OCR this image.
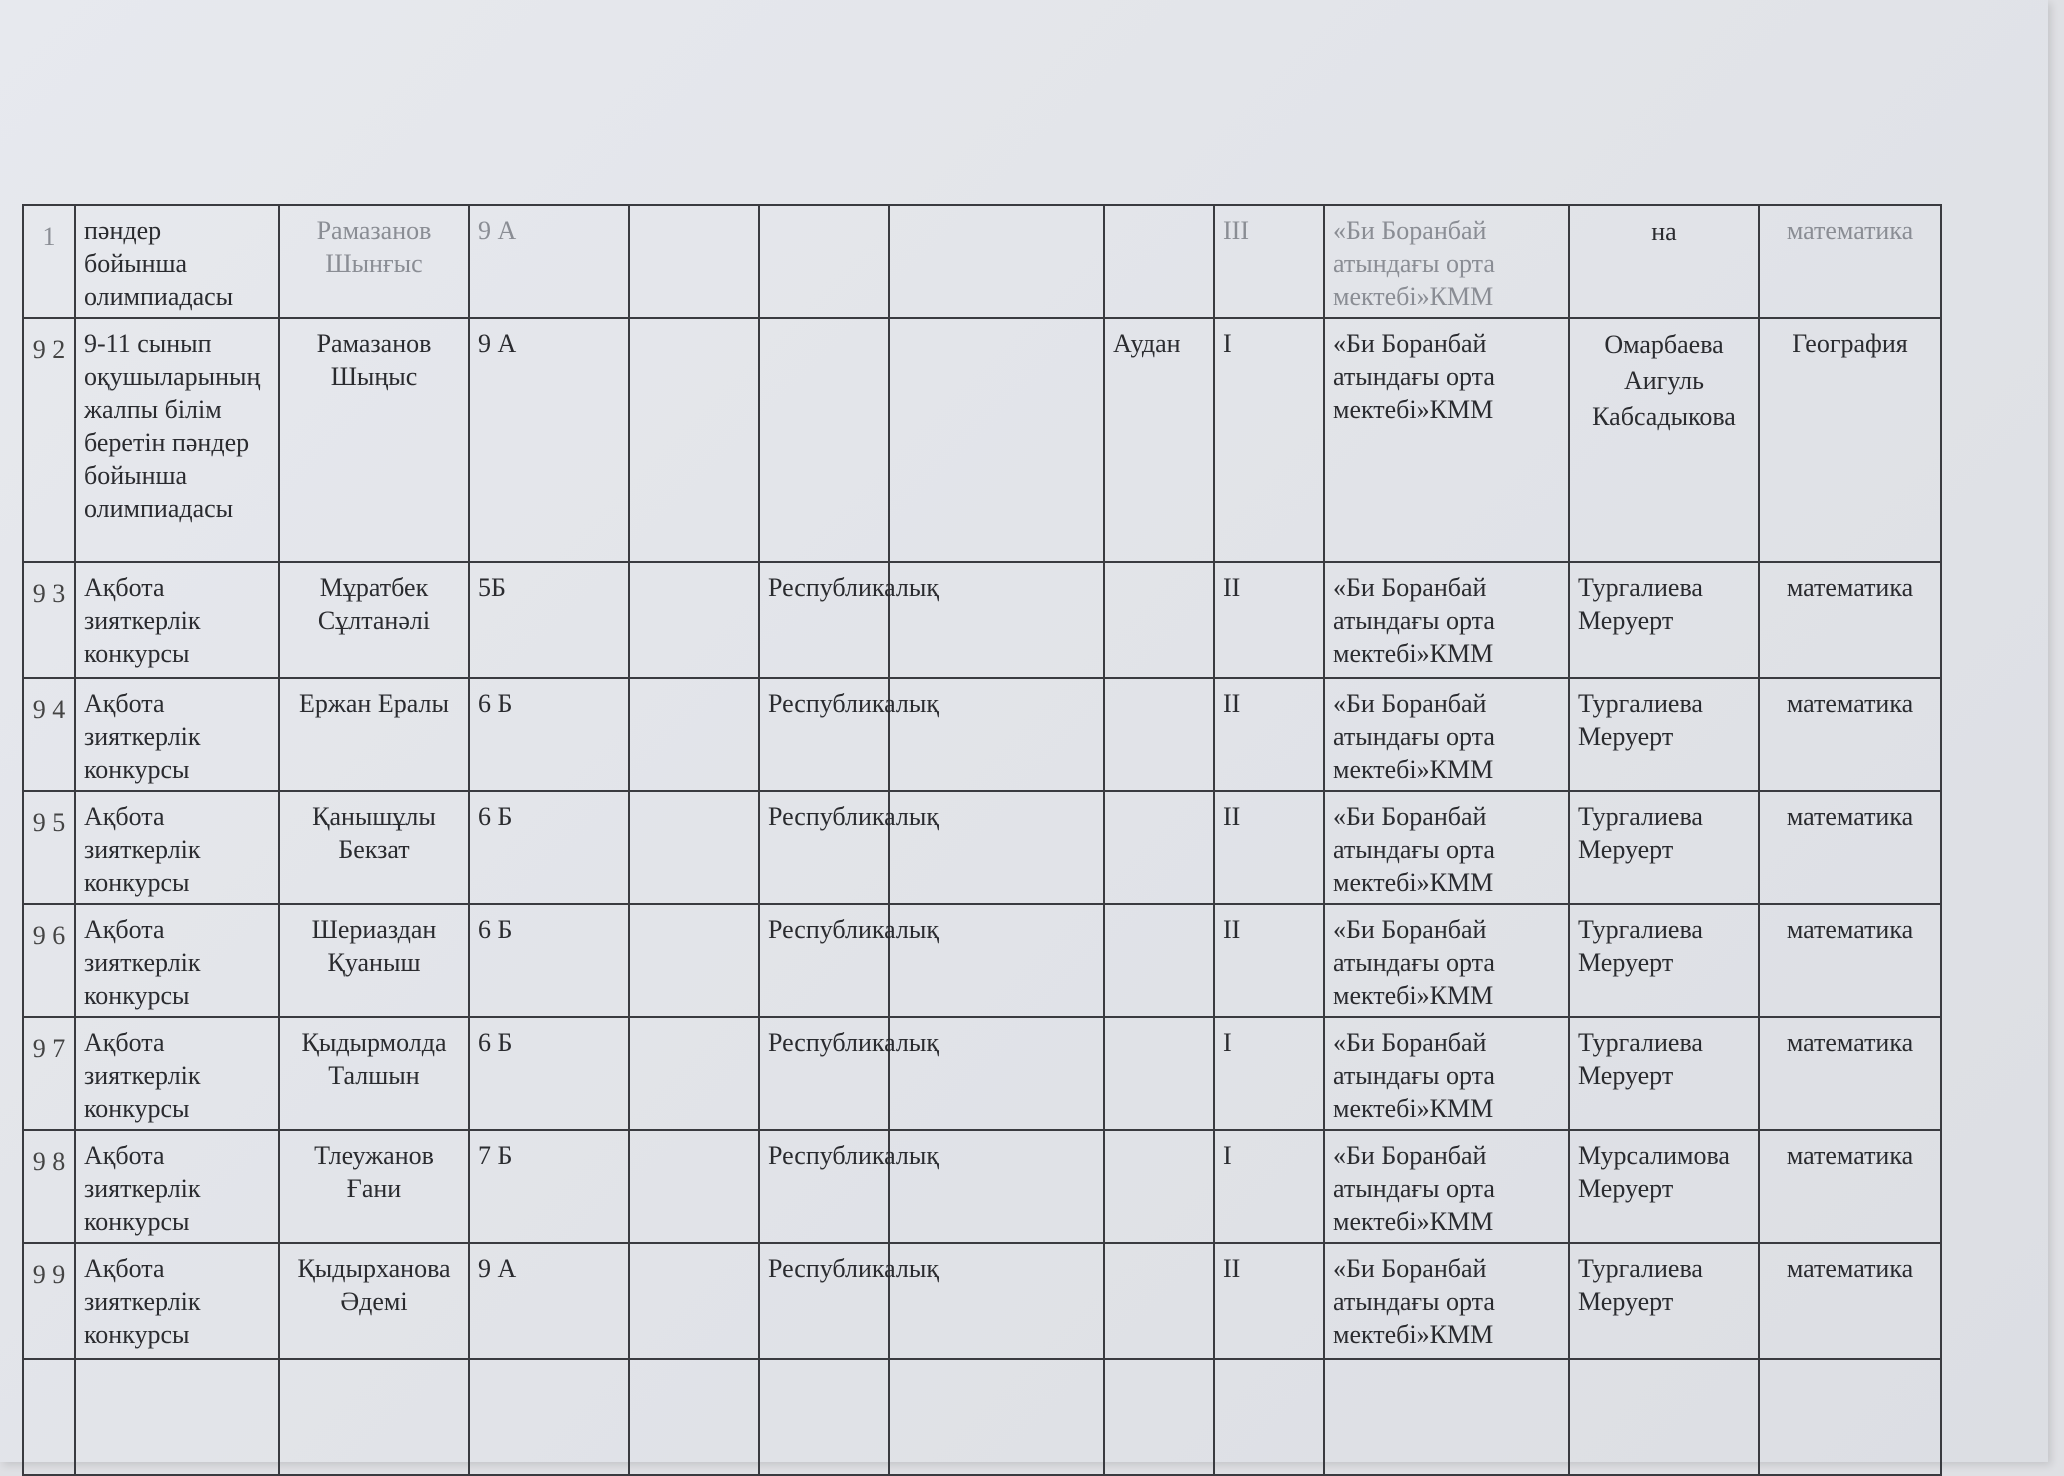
1	пәндер бойынша олимпиадасы	Рамазанов Шынғыс	9 А					ІІІ	«Би Боранбай атындағы орта мектебі»КММ	на	математика
9 2	9-11 сынып оқушыларының жалпы білім беретін пәндер бойынша олимпиадасы	Рамазанов Шыңыс	9 А				Аудан	І	«Би Боранбай атындағы орта мектебі»КММ	Омарбаева Аигуль Кабсадыкова	География
9 3	Ақбота зияткерлік конкурсы	Мұратбек Сұлтанәлі	5Б		Республикалық			ІІ	«Би Боранбай атындағы орта мектебі»КММ	Тургалиева Меруерт	математика
9 4	Ақбота зияткерлік конкурсы	Ержан Ералы	6 Б		Республикалық			ІІ	«Би Боранбай атындағы орта мектебі»КММ	Тургалиева Меруерт	математика
9 5	Ақбота зияткерлік конкурсы	Қанышұлы Бекзат	6 Б		Республикалық			ІІ	«Би Боранбай атындағы орта мектебі»КММ	Тургалиева Меруерт	математика
9 6	Ақбота зияткерлік конкурсы	Шериаздан Қуаныш	6 Б		Республикалық			ІІ	«Би Боранбай атындағы орта мектебі»КММ	Тургалиева Меруерт	математика
9 7	Ақбота зияткерлік конкурсы	Қыдырмолда Талшын	6 Б		Республикалық			І	«Би Боранбай атындағы орта мектебі»КММ	Тургалиева Меруерт	математика
9 8	Ақбота зияткерлік конкурсы	Тлеужанов Ғани	7 Б		Республикалық			І	«Би Боранбай атындағы орта мектебі»КММ	Мурсалимова Меруерт	математика
9 9	Ақбота зияткерлік конкурсы	Қыдырханова Әдемі	9 А		Республикалық			ІІ	«Би Боранбай атындағы орта мектебі»КММ	Тургалиева Меруерт	математика
